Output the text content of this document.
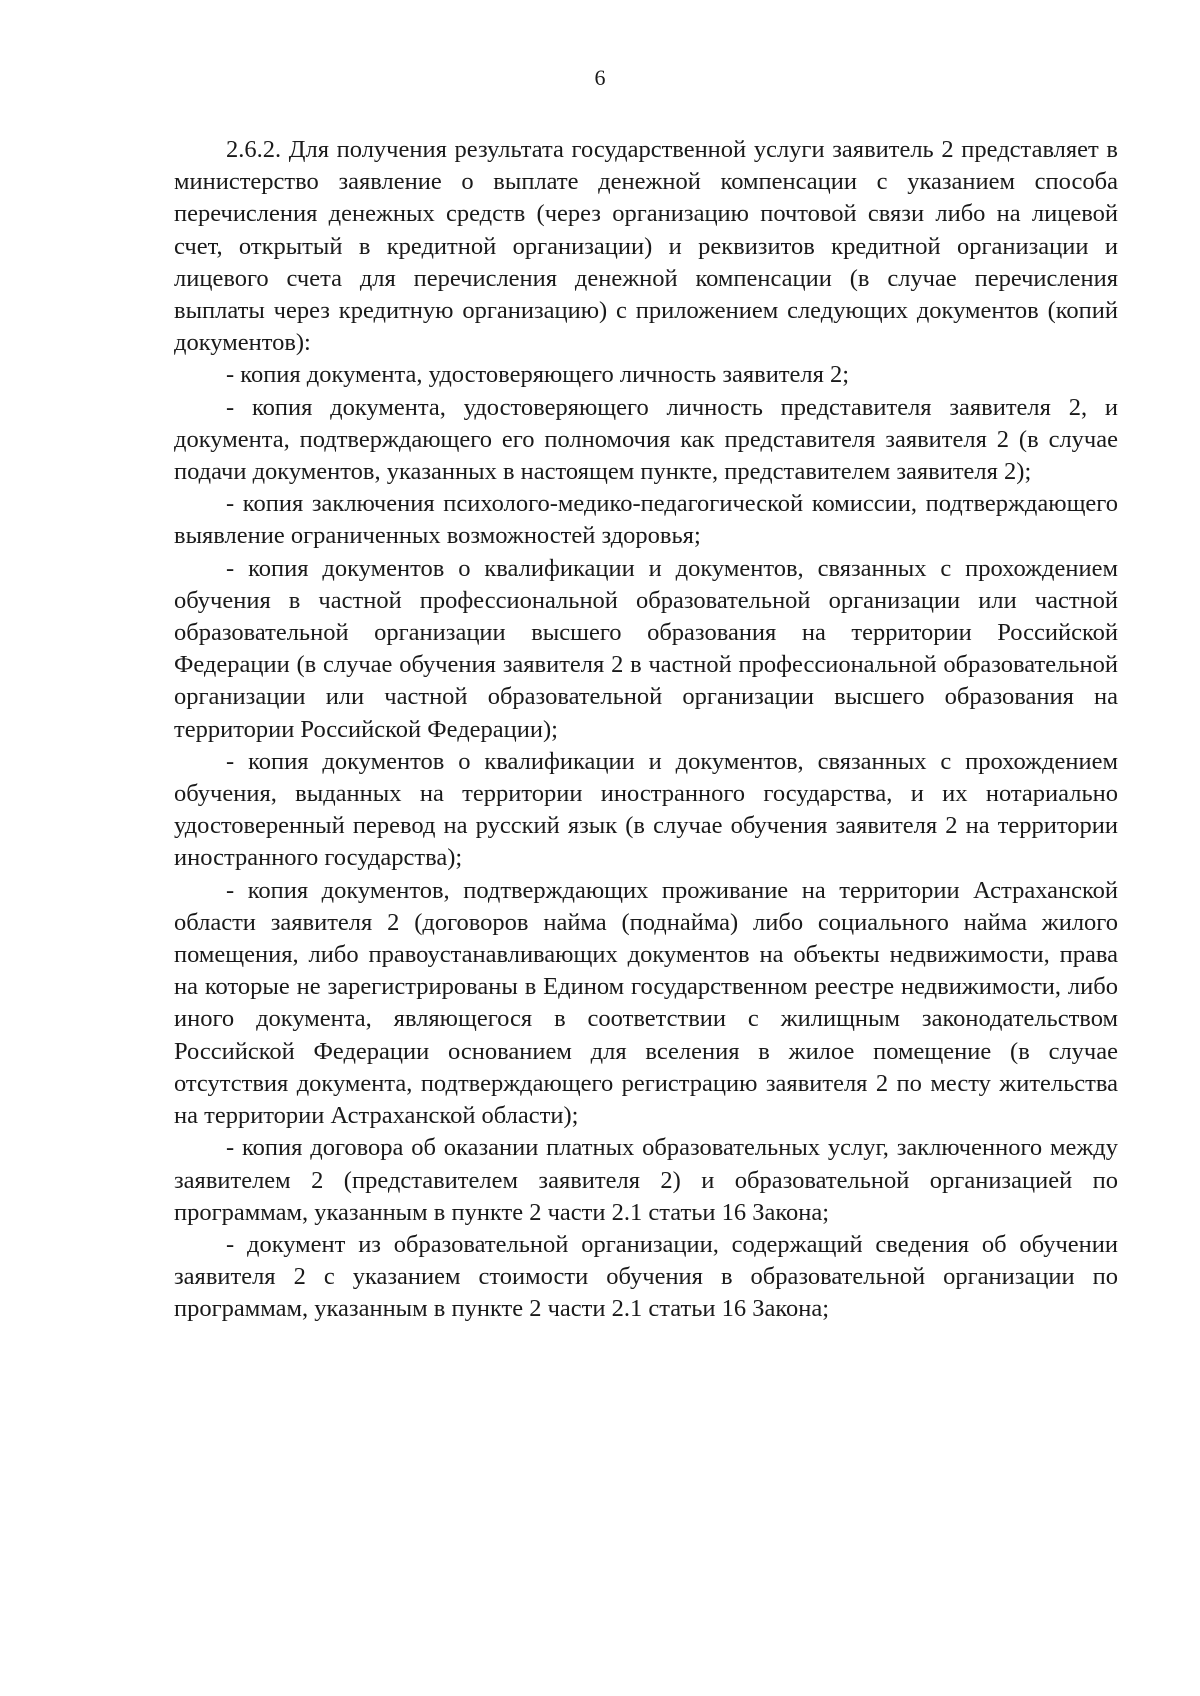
6

2.6.2. Для получения результата государственной услуги заявитель 2 представляет в министерство заявление о выплате денежной компенсации с указанием способа перечисления денежных средств (через организацию почтовой связи либо на лицевой счет, открытый в кредитной организации) и реквизитов кредитной организации и лицевого счета для перечисления денежной компенсации (в случае перечисления выплаты через кредитную организацию) с приложением следующих документов (копий документов):

- копия документа, удостоверяющего личность заявителя 2;

- копия документа, удостоверяющего личность представителя заявителя 2, и документа, подтверждающего его полномочия как представителя заявителя 2 (в случае подачи документов, указанных в настоящем пункте, представителем заявителя 2);

- копия заключения психолого-медико-педагогической комиссии, подтверждающего выявление ограниченных возможностей здоровья;

- копия документов о квалификации и документов, связанных с прохождением обучения в частной профессиональной образовательной организации или частной образовательной организации высшего образования на территории Российской Федерации (в случае обучения заявителя 2 в частной профессиональной образовательной организации или частной образовательной организации высшего образования на территории Российской Федерации);

- копия документов о квалификации и документов, связанных с прохождением обучения, выданных на территории иностранного государства, и их нотариально удостоверенный перевод на русский язык (в случае обучения заявителя 2 на территории иностранного государства);

- копия документов, подтверждающих проживание на территории Астраханской области заявителя 2 (договоров найма (поднайма) либо социального найма жилого помещения, либо правоустанавливающих документов на объекты недвижимости, права на которые не зарегистрированы в Едином государственном реестре недвижимости, либо иного документа, являющегося в соответствии с жилищным законодательством Российской Федерации основанием для вселения в жилое помещение (в случае отсутствия документа, подтверждающего регистрацию заявителя 2 по месту жительства на территории Астраханской области);

- копия договора об оказании платных образовательных услуг, заключенного между заявителем 2 (представителем заявителя 2) и образовательной организацией по программам, указанным в пункте 2 части 2.1 статьи 16 Закона;

- документ из образовательной организации, содержащий сведения об обучении заявителя 2 с указанием стоимости обучения в образовательной организации по программам, указанным в пункте 2 части 2.1 статьи 16 Закона;
